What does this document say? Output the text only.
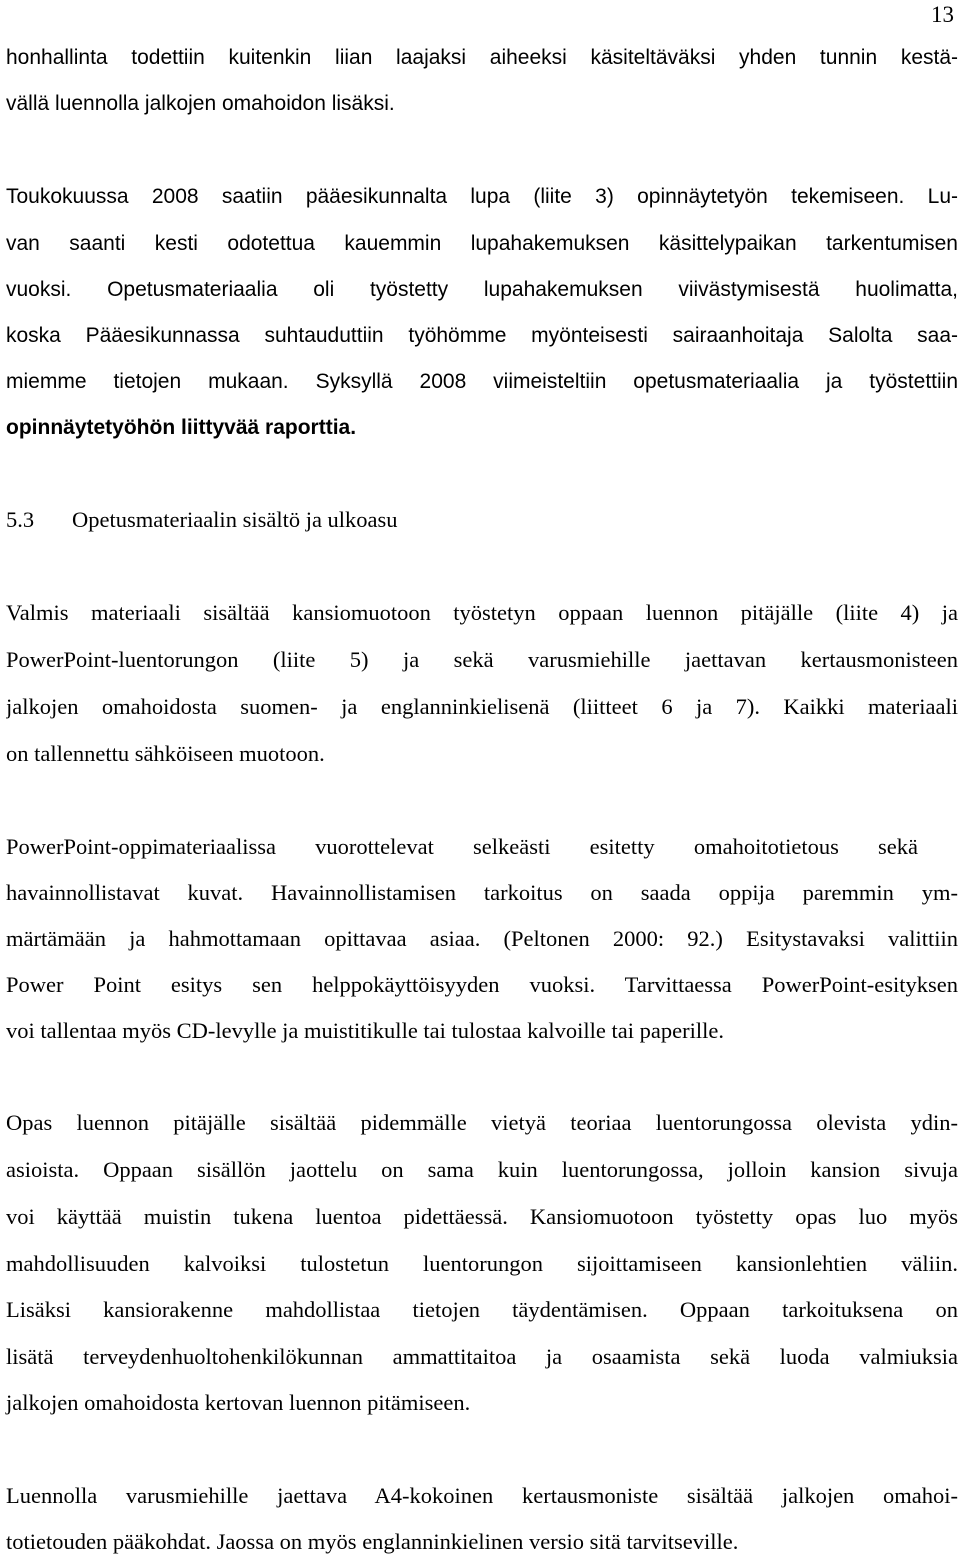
13
honhallinta todettiin kuitenkin liian laajaksi aiheeksi käsiteltäväksi yhden tunnin kestä-
vällä luennolla jalkojen omahoidon lisäksi.
Toukokuussa 2008 saatiin pääesikunnalta lupa (liite 3) opinnäytetyön tekemiseen. Lu-
van saanti kesti odotettua kauemmin lupahakemuksen käsittelypaikan tarkentumisen
vuoksi. Opetusmateriaalia oli työstetty lupahakemuksen viivästymisestä huolimatta,
koska Pääesikunnassa suhtauduttiin työhömme myönteisesti sairaanhoitaja Salolta saa-
miemme tietojen mukaan. Syksyllä 2008 viimeisteltiin opetusmateriaalia ja työstettiin
opinnäytetyöhön liittyvää raporttia.
5.3 Opetusmateriaalin sisältö ja ulkoasu
Valmis materiaali sisältää kansiomuotoon työstetyn oppaan luennon pitäjälle (liite 4) ja
PowerPoint-luentorungon (liite 5) ja sekä varusmiehille jaettavan kertausmonisteen
jalkojen omahoidosta suomen- ja englanninkielisenä (liitteet 6 ja 7). Kaikki materiaali
on tallennettu sähköiseen muotoon.
PowerPoint-oppimateriaalissa vuorottelevat selkeästi esitetty omahoitotietous sekä
havainnollistavat kuvat. Havainnollistamisen tarkoitus on saada oppija paremmin ym-
märtämään ja hahmottamaan opittavaa asiaa. (Peltonen 2000: 92.) Esitystavaksi valittiin
Power Point esitys sen helppokäyttöisyyden vuoksi. Tarvittaessa PowerPoint-esityksen
voi tallentaa myös CD-levylle ja muistitikulle tai tulostaa kalvoille tai paperille.
Opas luennon pitäjälle sisältää pidemmälle vietyä teoriaa luentorungossa olevista ydin-
asioista. Oppaan sisällön jaottelu on sama kuin luentorungossa, jolloin kansion sivuja
voi käyttää muistin tukena luentoa pidettäessä. Kansiomuotoon työstetty opas luo myös
mahdollisuuden kalvoiksi tulostetun luentorungon sijoittamiseen kansionlehtien väliin.
Lisäksi kansiorakenne mahdollistaa tietojen täydentämisen. Oppaan tarkoituksena on
lisätä terveydenhuoltohenkilökunnan ammattitaitoa ja osaamista sekä luoda valmiuksia
jalkojen omahoidosta kertovan luennon pitämiseen.
Luennolla varusmiehille jaettava A4-kokoinen kertausmoniste sisältää jalkojen omahoi-
totietouden pääkohdat. Jaossa on myös englanninkielinen versio sitä tarvitseville.
